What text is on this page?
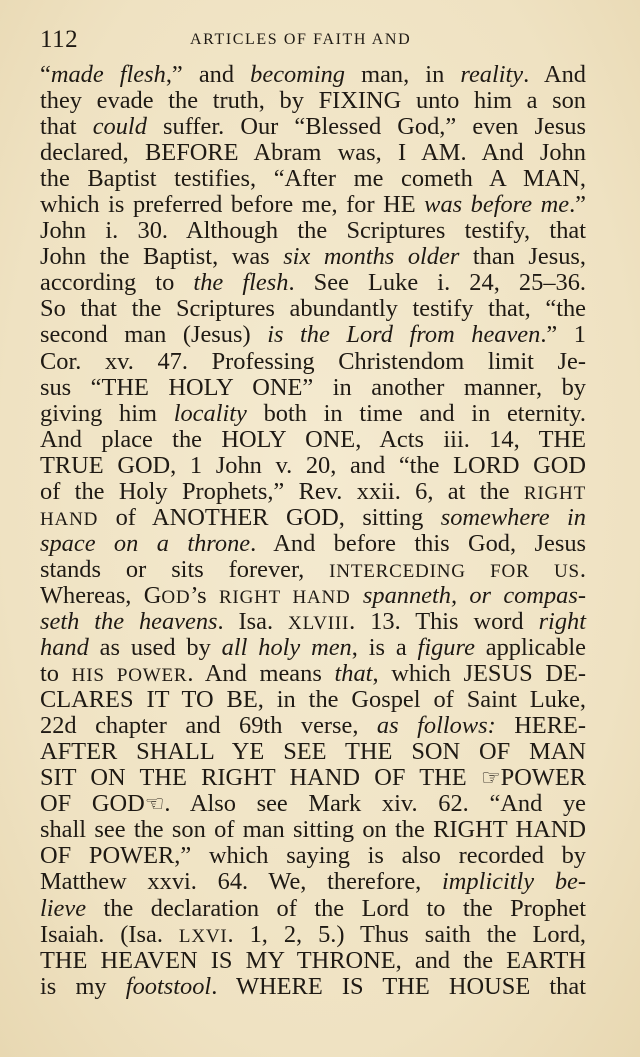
112	ARTICLES OF FAITH AND
“made flesh,” and becoming man, in reality. And
they evade the truth, by FIXING unto him a son
that could suffer. Our “Blessed God,” even Jesus
declared, BEFORE Abram was, I AM. And John
the Baptist testifies, “After me cometh A MAN,
which is preferred before me, for HE was before me.”
John i. 30. Although the Scriptures testify, that
John the Baptist, was six months older than Jesus,
according to the flesh. See Luke i. 24, 25–36.
So that the Scriptures abundantly testify that, “the
second man (Jesus) is the Lord from heaven.” 1
Cor. xv. 47. Professing Christendom limit Je-
sus “THE HOLY ONE” in another manner, by
giving him locality both in time and in eternity.
And place the HOLY ONE, Acts iii. 14, THE
TRUE GOD, 1 John v. 20, and “the LORD GOD
of the Holy Prophets,” Rev. xxii. 6, at the RIGHT
HAND of ANOTHER GOD, sitting somewhere in
space on a throne. And before this God, Jesus
stands or sits forever, INTERCEDING FOR US.
Whereas, GOD’s RIGHT HAND spanneth, or compas-
seth the heavens. Isa. XLVIII. 13. This word right
hand as used by all holy men, is a figure applicable
to HIS POWER. And means that, which JESUS DE-
CLARES IT TO BE, in the Gospel of Saint Luke,
22d chapter and 69th verse, as follows: HERE-
AFTER SHALL YE SEE THE SON OF MAN
SIT ON THE RIGHT HAND OF THE ☞POWER
OF GOD☜. Also see Mark xiv. 62. “And ye
shall see the son of man sitting on the RIGHT HAND
OF POWER,” which saying is also recorded by
Matthew xxvi. 64. We, therefore, implicitly be-
lieve the declaration of the Lord to the Prophet
Isaiah. (Isa. LXVI. 1, 2, 5.) Thus saith the Lord,
THE HEAVEN IS MY THRONE, and the EARTH
is my footstool. WHERE IS THE HOUSE that
